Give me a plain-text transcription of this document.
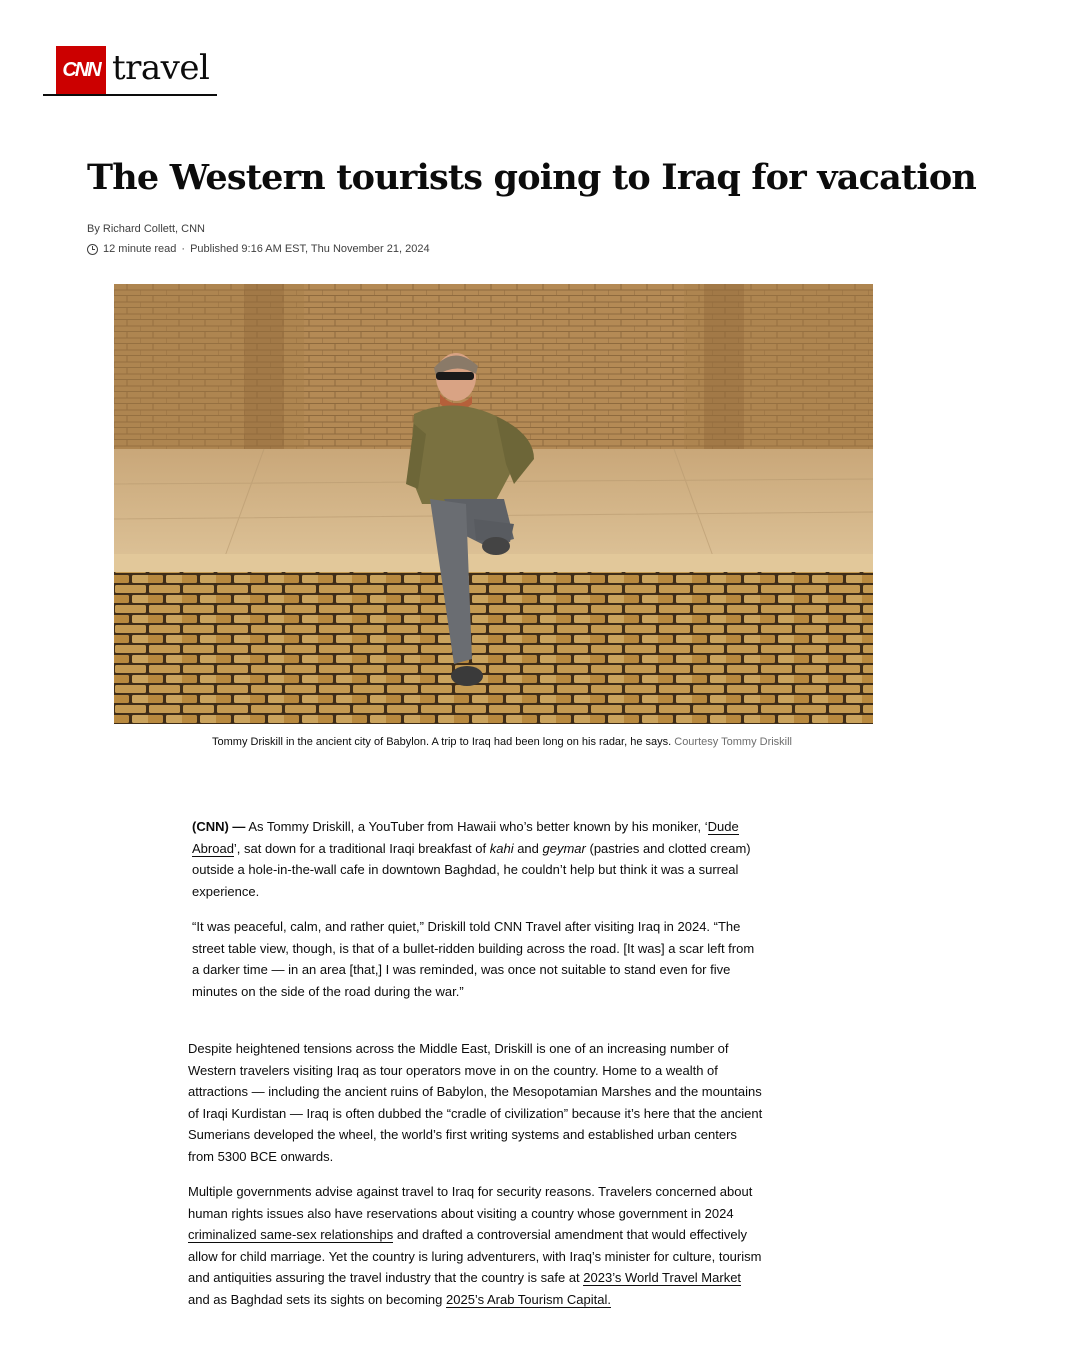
CNN travel
The Western tourists going to Iraq for vacation
By Richard Collett, CNN
12 minute read · Published 9:16 AM EST, Thu November 21, 2024
Tommy Driskill in the ancient city of Babylon. A trip to Iraq had been long on his radar, he says. Courtesy Tommy Driskill

(CNN) — As Tommy Driskill, a YouTuber from Hawaii who’s better known by his moniker, ‘Dude Abroad’, sat down for a traditional Iraqi breakfast of kahi and geymar (pastries and clotted cream) outside a hole-in-the-wall cafe in downtown Baghdad, he couldn’t help but think it was a surreal experience.

“It was peaceful, calm, and rather quiet,” Driskill told CNN Travel after visiting Iraq in 2024. “The street table view, though, is that of a bullet-ridden building across the road. [It was] a scar left from a darker time — in an area [that,] I was reminded, was once not suitable to stand even for five minutes on the side of the road during the war.”

Despite heightened tensions across the Middle East, Driskill is one of an increasing number of Western travelers visiting Iraq as tour operators move in on the country. Home to a wealth of attractions — including the ancient ruins of Babylon, the Mesopotamian Marshes and the mountains of Iraqi Kurdistan — Iraq is often dubbed the “cradle of civilization” because it’s here that the ancient Sumerians developed the wheel, the world’s first writing systems and established urban centers from 5300 BCE onwards.

Multiple governments advise against travel to Iraq for security reasons. Travelers concerned about human rights issues also have reservations about visiting a country whose government in 2024 criminalized same-sex relationships and drafted a controversial amendment that would effectively allow for child marriage. Yet the country is luring adventurers, with Iraq’s minister for culture, tourism and antiquities assuring the travel industry that the country is safe at 2023’s World Travel Market and as Baghdad sets its sights on becoming 2025’s Arab Tourism Capital.
